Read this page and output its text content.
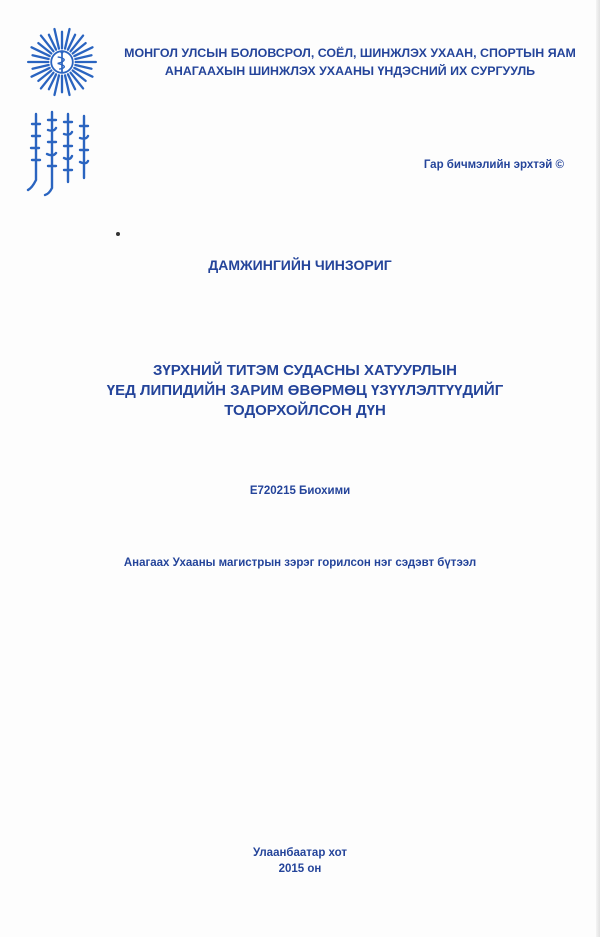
МОНГОЛ УЛСЫН БОЛОВСРОЛ, СОЁЛ, ШИНЖЛЭХ УХААН, СПОРТЫН ЯАМ
АНАГААХЫН ШИНЖЛЭХ УХААНЫ ҮНДЭСНИЙ ИХ СУРГУУЛЬ
Гар бичмэлийн эрхтэй ©
ДАМЖИНГИЙН ЧИНЗОРИГ
ЗҮРХНИЙ ТИТЭМ СУДАСНЫ ХАТУУРЛЫН
ҮЕД ЛИПИДИЙН ЗАРИМ ӨВӨРМӨЦ ҮЗҮҮЛЭЛТҮҮДИЙГ
ТОДОРХОЙЛСОН ДҮН
E720215 Биохими
Анагаах Ухааны магистрын зэрэг горилсон нэг сэдэвт бүтээл
Улаанбаатар хот
2015 он
